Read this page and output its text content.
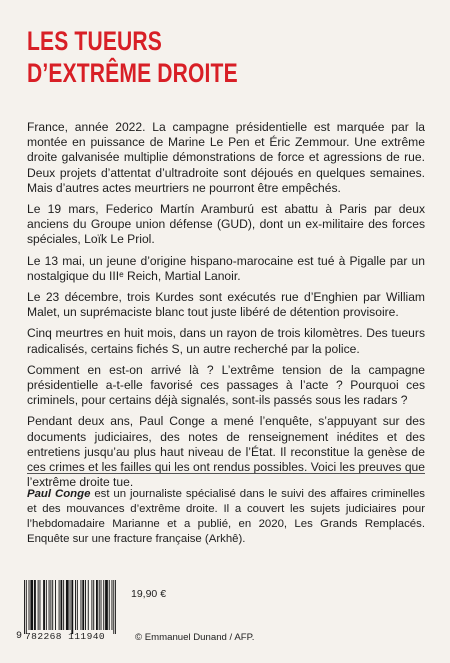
LES TUEURS
D’EXTRÊME DROITE

France, année 2022. La campagne présidentielle est marquée par la montée en puissance de Marine Le Pen et Éric Zemmour. Une extrême droite galvanisée multiplie démonstrations de force et agressions de rue. Deux projets d’attentat d’ultradroite sont déjoués en quelques semaines. Mais d’autres actes meurtriers ne pourront être empêchés.

Le 19 mars, Federico Martín Aramburú est abattu à Paris par deux anciens du Groupe union défense (GUD), dont un ex-militaire des forces spéciales, Loïk Le Priol.

Le 13 mai, un jeune d’origine hispano-marocaine est tué à Pigalle par un nostalgique du IIIᵉ Reich, Martial Lanoir.

Le 23 décembre, trois Kurdes sont exécutés rue d’Enghien par William Malet, un suprémaciste blanc tout juste libéré de détention provisoire.

Cinq meurtres en huit mois, dans un rayon de trois kilomètres. Des tueurs radicalisés, certains fichés S, un autre recherché par la police.

Comment en est-on arrivé là ? L’extrême tension de la campagne présidentielle a-t-elle favorisé ces passages à l’acte ? Pourquoi ces criminels, pour certains déjà signalés, sont-ils passés sous les radars ?

Pendant deux ans, Paul Conge a mené l’enquête, s’appuyant sur des documents judiciaires, des notes de renseignement inédites et des entretiens jusqu’au plus haut niveau de l’État. Il reconstitue la genèse de ces crimes et les failles qui les ont rendus possibles. Voici les preuves que l’extrême droite tue.

Paul Conge est un journaliste spécialisé dans le suivi des affaires criminelles et des mouvances d’extrême droite. Il a couvert les sujets judiciaires pour l’hebdomadaire Marianne et a publié, en 2020, Les Grands Remplacés. Enquête sur une fracture française (Arkhê).

9 782268 111940
19,90 €
© Emmanuel Dunand / AFP.
